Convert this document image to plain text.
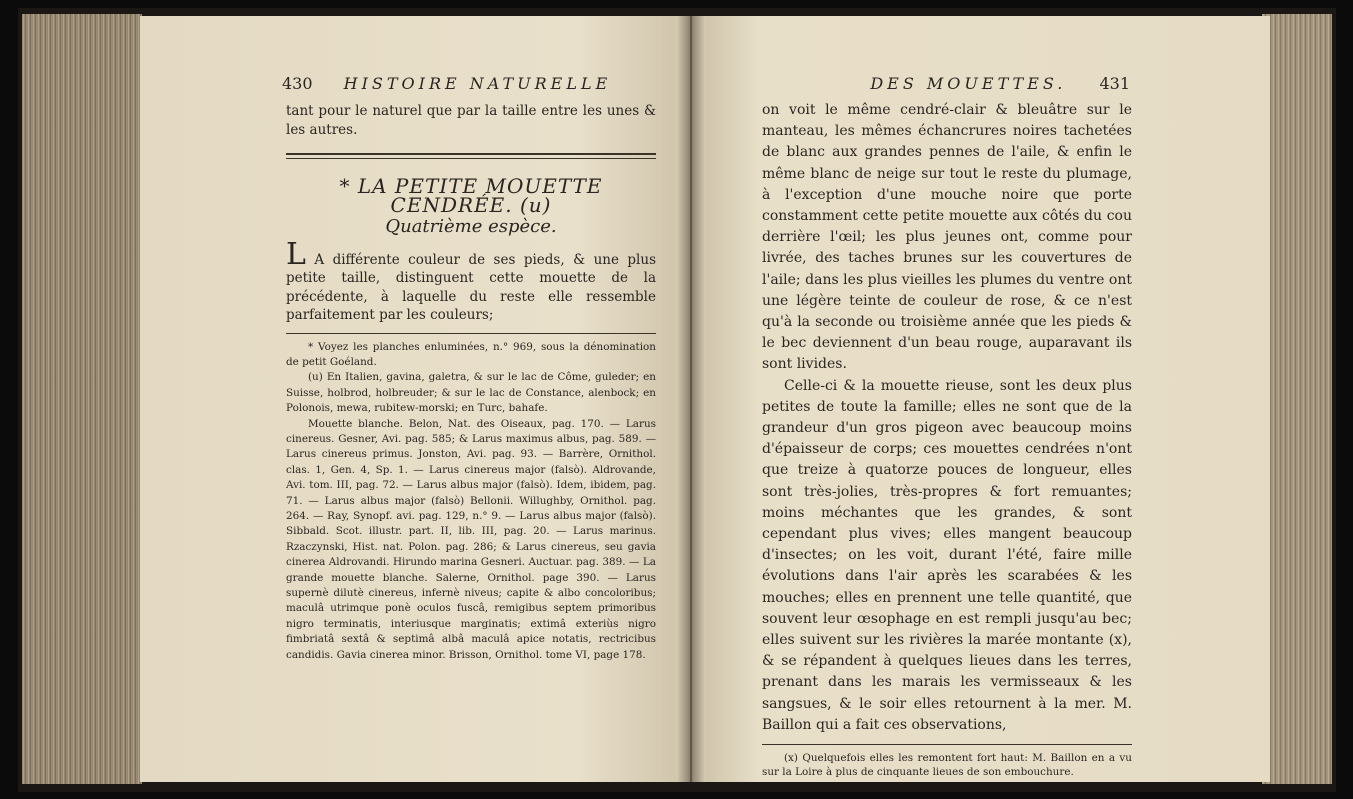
430 HISTOIRE NATURELLE

tant pour le naturel que par la taille entre les unes & les autres.

* LA PETITE MOUETTE CENDRÉE. (u)
Quatrième espèce.

L A différente couleur de ses pieds, & une plus petite taille, distinguent cette mouette de la précédente, à laquelle du reste elle ressemble parfaitement par les couleurs;

* Voyez les planches enluminées, n.° 969, sous la dénomination de petit Goéland.

(u) En Italien, gavina, galetra, & sur le lac de Côme, guleder; en Suisse, holbrod, holbreuder; & sur le lac de Constance, alenbock; en Polonois, mewa, rubitew-morski; en Turc, bahafe.

Mouette blanche. Belon, Nat. des Oiseaux, pag. 170. — Larus cinereus. Gesner, Avi. pag. 585; & Larus maximus albus, pag. 589. — Larus cinereus primus. Jonston, Avi. pag. 93. — Barrère, Ornithol. clas. 1, Gen. 4, Sp. 1. — Larus cinereus major (falsò). Aldrovande, Avi. tom. III, pag. 72. — Larus albus major (falsò). Idem, ibidem, pag. 71. — Larus albus major (falsò) Bellonii. Willughby, Ornithol. pag. 264. — Ray, Synopf. avi. pag. 129, n.° 9. — Larus albus major (falsò). Sibbald. Scot. illustr. part. II, lib. III, pag. 20. — Larus marinus. Rzaczynski, Hist. nat. Polon. pag. 286; & Larus cinereus, seu gavia cinerea Aldrovandi. Hirundo marina Gesneri. Auctuar. pag. 389. — La grande mouette blanche. Salerne, Ornithol. page 390. — Larus supernè dilutè cinereus, infernè niveus; capite & albo concoloribus; maculâ utrimque ponè oculos fuscâ, remigibus septem primoribus nigro terminatis, interiusque marginatis; extimâ exteriùs nigro fimbriatâ sextâ & septimâ albâ maculâ apice notatis, rectricibus candidis. Gavia cinerea minor. Brisson, Ornithol. tome VI, page 178.

DES MOUETTES. 431

on voit le même cendré-clair & bleuâtre sur le manteau, les mêmes échancrures noires tachetées de blanc aux grandes pennes de l'aile, & enfin le même blanc de neige sur tout le reste du plumage, à l'exception d'une mouche noire que porte constamment cette petite mouette aux côtés du cou derrière l'œil; les plus jeunes ont, comme pour livrée, des taches brunes sur les couvertures de l'aile; dans les plus vieilles les plumes du ventre ont une légère teinte de couleur de rose, & ce n'est qu'à la seconde ou troisième année que les pieds & le bec deviennent d'un beau rouge, auparavant ils sont livides.

Celle-ci & la mouette rieuse, sont les deux plus petites de toute la famille; elles ne sont que de la grandeur d'un gros pigeon avec beaucoup moins d'épaisseur de corps; ces mouettes cendrées n'ont que treize à quatorze pouces de longueur, elles sont très-jolies, très-propres & fort remuantes; moins méchantes que les grandes, & sont cependant plus vives; elles mangent beaucoup d'insectes; on les voit, durant l'été, faire mille évolutions dans l'air après les scarabées & les mouches; elles en prennent une telle quantité, que souvent leur œsophage en est rempli jusqu'au bec; elles suivent sur les rivières la marée montante (x), & se répandent à quelques lieues dans les terres, prenant dans les marais les vermisseaux & les sangsues, & le soir elles retournent à la mer. M. Baillon qui a fait ces observations,

(x) Quelquefois elles les remontent fort haut: M. Baillon en a vu sur la Loire à plus de cinquante lieues de son embouchure.
